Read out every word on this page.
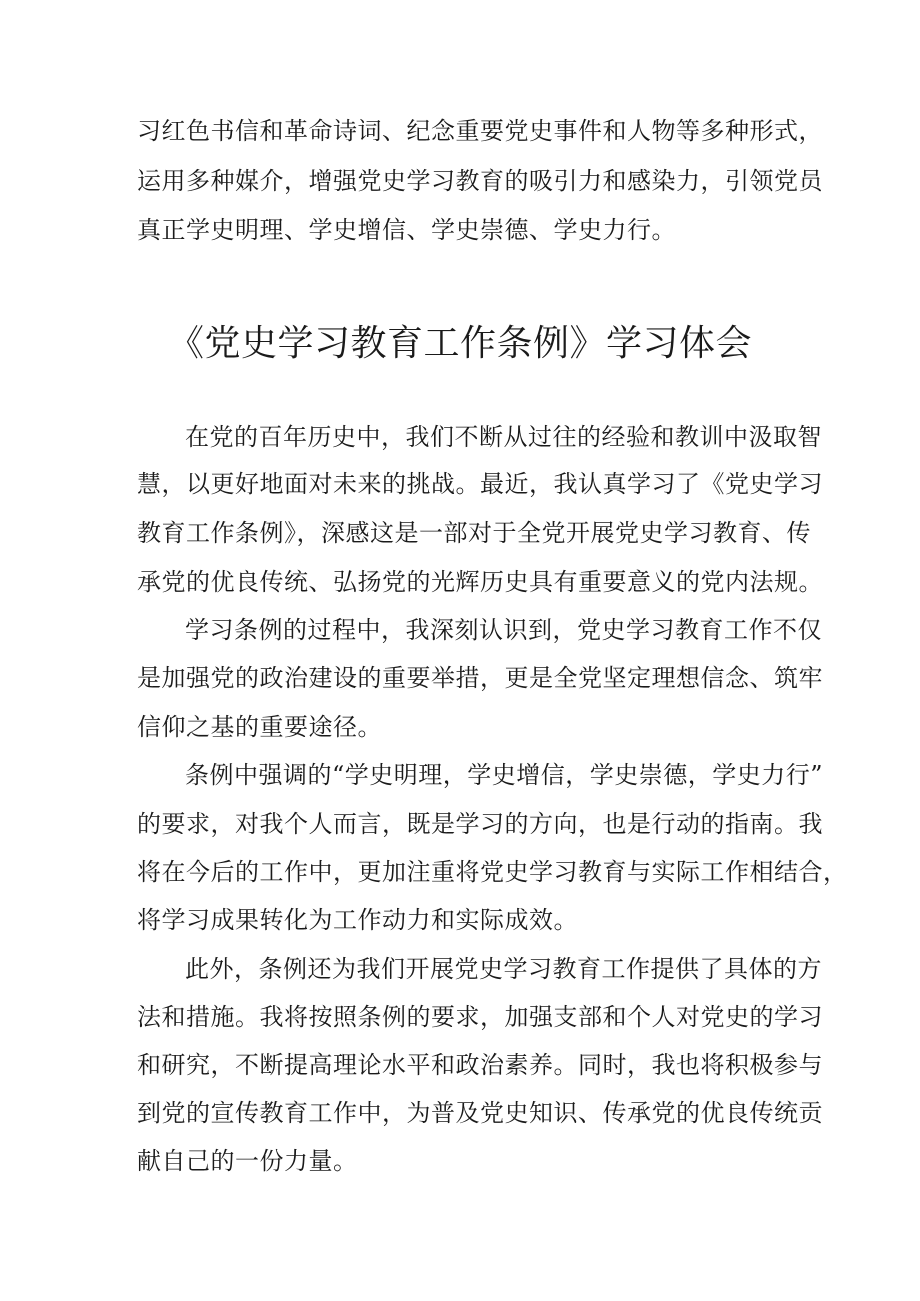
习红色书信和革命诗词、纪念重要党史事件和人物等多种形式，
运用多种媒介，增强党史学习教育的吸引力和感染力，引领党员
真正学史明理、学史增信、学史崇德、学史力行。
《党史学习教育工作条例》学习体会
在党的百年历史中，我们不断从过往的经验和教训中汲取智
慧，以更好地面对未来的挑战。最近，我认真学习了《党史学习
教育工作条例》，深感这是一部对于全党开展党史学习教育、传
承党的优良传统、弘扬党的光辉历史具有重要意义的党内法规。
学习条例的过程中，我深刻认识到，党史学习教育工作不仅
是加强党的政治建设的重要举措，更是全党坚定理想信念、筑牢
信仰之基的重要途径。
条例中强调的“学史明理，学史增信，学史崇德，学史力行”
的要求，对我个人而言，既是学习的方向，也是行动的指南。我
将在今后的工作中，更加注重将党史学习教育与实际工作相结合，
将学习成果转化为工作动力和实际成效。
此外，条例还为我们开展党史学习教育工作提供了具体的方
法和措施。我将按照条例的要求，加强支部和个人对党史的学习
和研究，不断提高理论水平和政治素养。同时，我也将积极参与
到党的宣传教育工作中，为普及党史知识、传承党的优良传统贡
献自己的一份力量。
